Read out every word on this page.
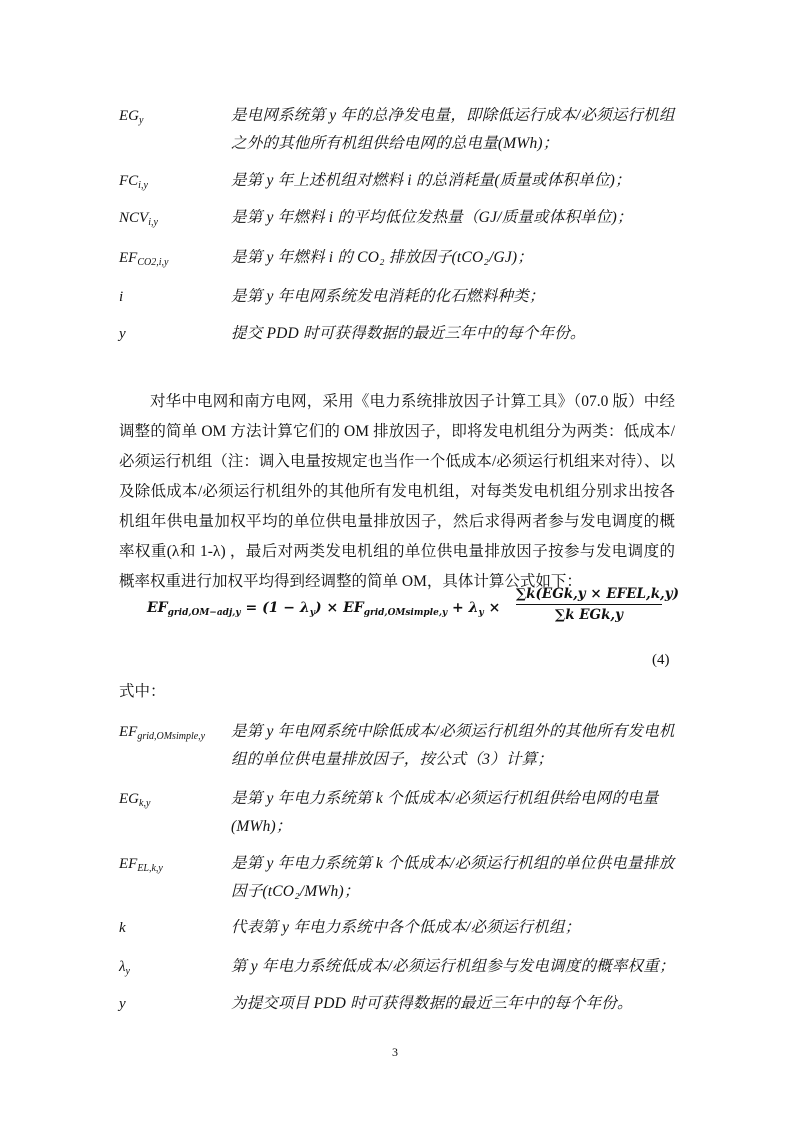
$EG_y$	是电网系统第 y 年的总净发电量，即除低运行成本/必须运行机组之外的其他所有机组供给电网的总电量(MWh)；
$FC_{i,y}$	是第 y 年上述机组对燃料 i 的总消耗量(质量或体积单位)；
$NCV_{i,y}$	是第 y 年燃料 i 的平均低位发热量（GJ/质量或体积单位)；
$EF_{CO2,i,y}$	是第 y 年燃料 i 的 CO₂ 排放因子(tCO₂/GJ)；
i	是第 y 年电网系统发电消耗的化石燃料种类；
y	提交 PDD 时可获得数据的最近三年中的每个年份。

对华中电网和南方电网，采用《电力系统排放因子计算工具》（07.0 版）中经调整的简单 OM 方法计算它们的 OM 排放因子，即将发电机组分为两类：低成本/必须运行机组（注：调入电量按规定也当作一个低成本/必须运行机组来对待）、以及除低成本/必须运行机组外的其他所有发电机组，对每类发电机组分别求出按各机组年供电量加权平均的单位供电量排放因子，然后求得两者参与发电调度的概率权重(λ和 1-λ) ，最后对两类发电机组的单位供电量排放因子按参与发电调度的概率权重进行加权平均得到经调整的简单 OM，具体计算公式如下：

$EF_{grid,OM-adj,y} = (1 - \lambda_y) \times EF_{grid,OMsimple,y} + \lambda_y$ ×
∑k(EGk,y × EFEL,k,y)
∑k EGk,y
(4)
式中：
$EF_{grid,OMsimple,y}$ 是第 y 年电网系统中除低成本/必须运行机组外的其他所有发电机组的单位供电量排放因子，按公式（3）计算；
$EG_{k,y}$	是第 y 年电力系统第 k 个低成本/必须运行机组供给电网的电量(MWh)；
$EF_{EL,k,y}$	是第 y 年电力系统第 k 个低成本/必须运行机组的单位供电量排放因子(tCO₂/MWh)；
k	代表第 y 年电力系统中各个低成本/必须运行机组；
$\lambda_y$	第 y 年电力系统低成本/必须运行机组参与发电调度的概率权重；
y	为提交项目 PDD 时可获得数据的最近三年中的每个年份。
3
